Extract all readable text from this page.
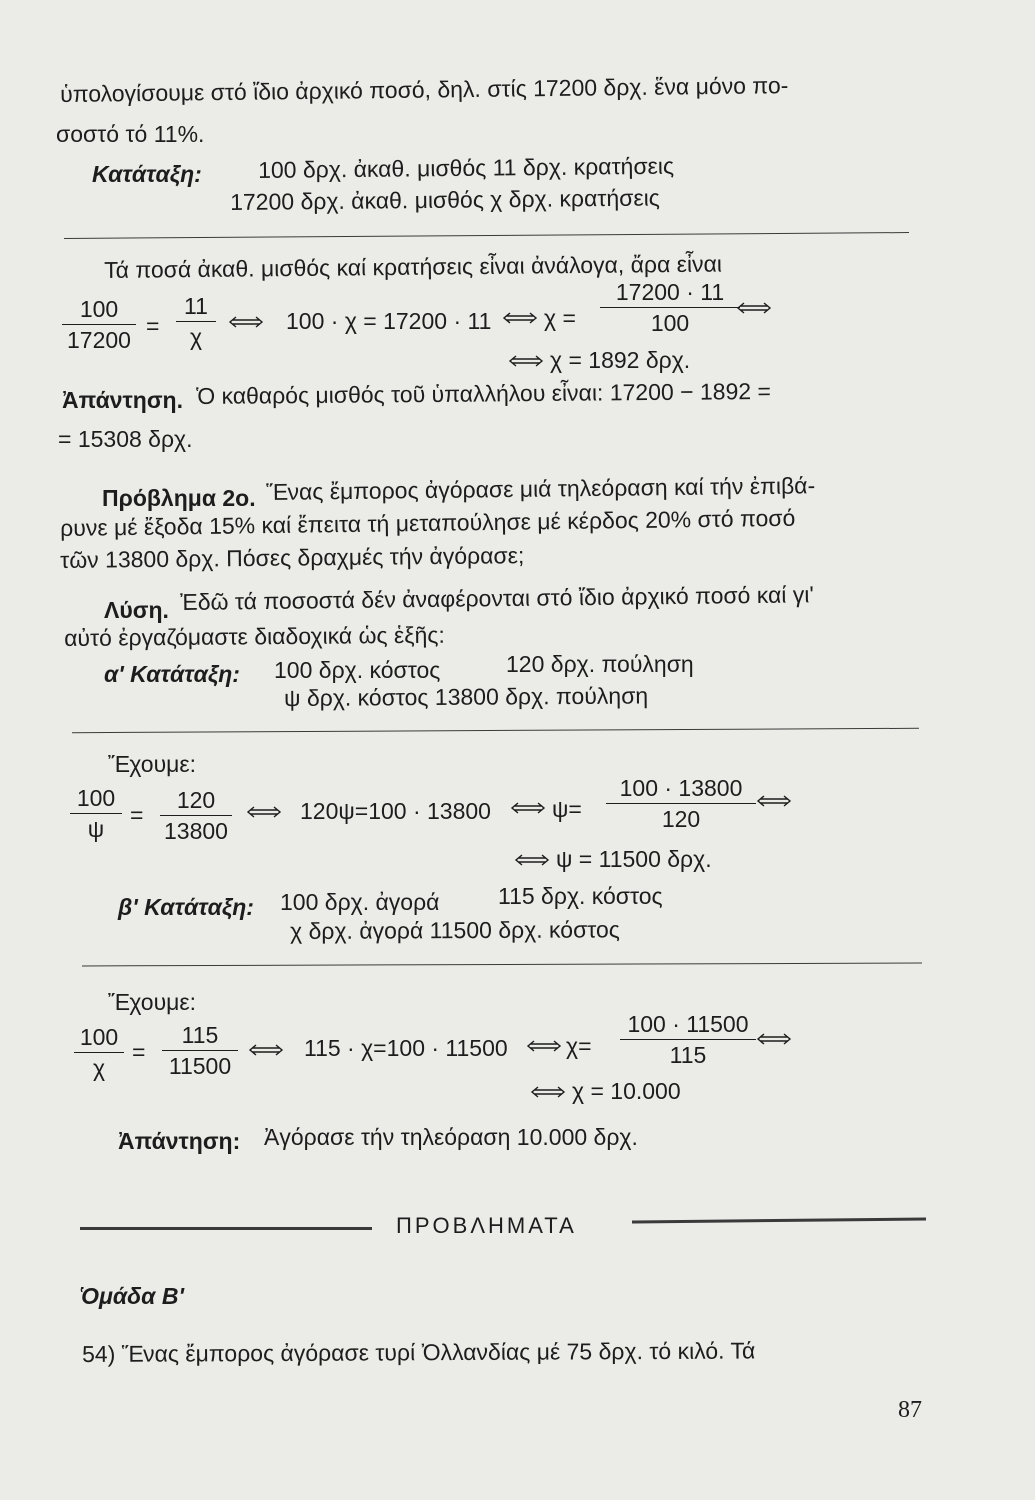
ὑπολογίσουμε στό ἴδιο ἀρχικό ποσό, δηλ. στίς 17200 δρχ. ἕνα μόνο πο-
σοστό τό 11%.
Κατάταξη: 100 δρχ. ἀκαθ. μισθός 11 δρχ. κρατήσεις
17200 δρχ. ἀκαθ. μισθός χ δρχ. κρατήσεις
Τά ποσά ἀκαθ. μισθός καί κρατήσεις εἶναι ἀνάλογα, ἄρα εἶναι
$\frac{100}{17200} = \frac{11}{\chi}$	100 · χ = 17200 · 11 $\chi = \frac{17200 \cdot 11}{100}$
χ = 1892 δρχ.
Ἀπάντηση. Ὁ καθαρός μισθός τοῦ ὑπαλλήλου εἶναι: 17200 − 1892 =
= 15308 δρχ.
Πρόβλημα 2ο. Ἕνας ἔμπορος ἀγόρασε μιά τηλεόραση καί τήν ἐπιβά-
ρυνε μέ ἔξοδα 15% καί ἔπειτα τή μεταπούλησε μέ κέρδος 20% στό ποσό
τῶν 13800 δρχ. Πόσες δραχμές τήν ἀγόρασε;
Λύση. Ἐδῶ τά ποσοστά δέν ἀναφέρονται στό ἴδιο ἀρχικό ποσό καί γι'
αὐτό ἐργαζόμαστε διαδοχικά ὡς ἑξῆς:
α' Κατάταξη: 100 δρχ. κόστος	120 δρχ. πούληση
ψ δρχ. κόστος 13800 δρχ. πούληση
Ἔχουμε:
$\frac{100}{\psi} = \frac{120}{13800}$	120ψ=100 · 13800	$\psi= \frac{100 \cdot 13800}{120}$
ψ = 11500 δρχ.
β' Κατάταξη: 100 δρχ. ἀγορά	115 δρχ. κόστος
χ δρχ. ἀγορά 11500 δρχ. κόστος
Ἔχουμε:
$\frac{100}{\chi} = \frac{115}{11500}$	115 · χ=100 · 11500	$\chi= \frac{100 \cdot 11500}{115}$
χ = 10.000
Ἀπάντηση: Ἀγόρασε τήν τηλεόραση 10.000 δρχ.
ΠΡΟΒΛΗΜΑΤΑ
Ὁμάδα Β'
54) Ἕνας ἔμπορος ἀγόρασε τυρί Ὀλλανδίας μέ 75 δρχ. τό κιλό. Τά
87
